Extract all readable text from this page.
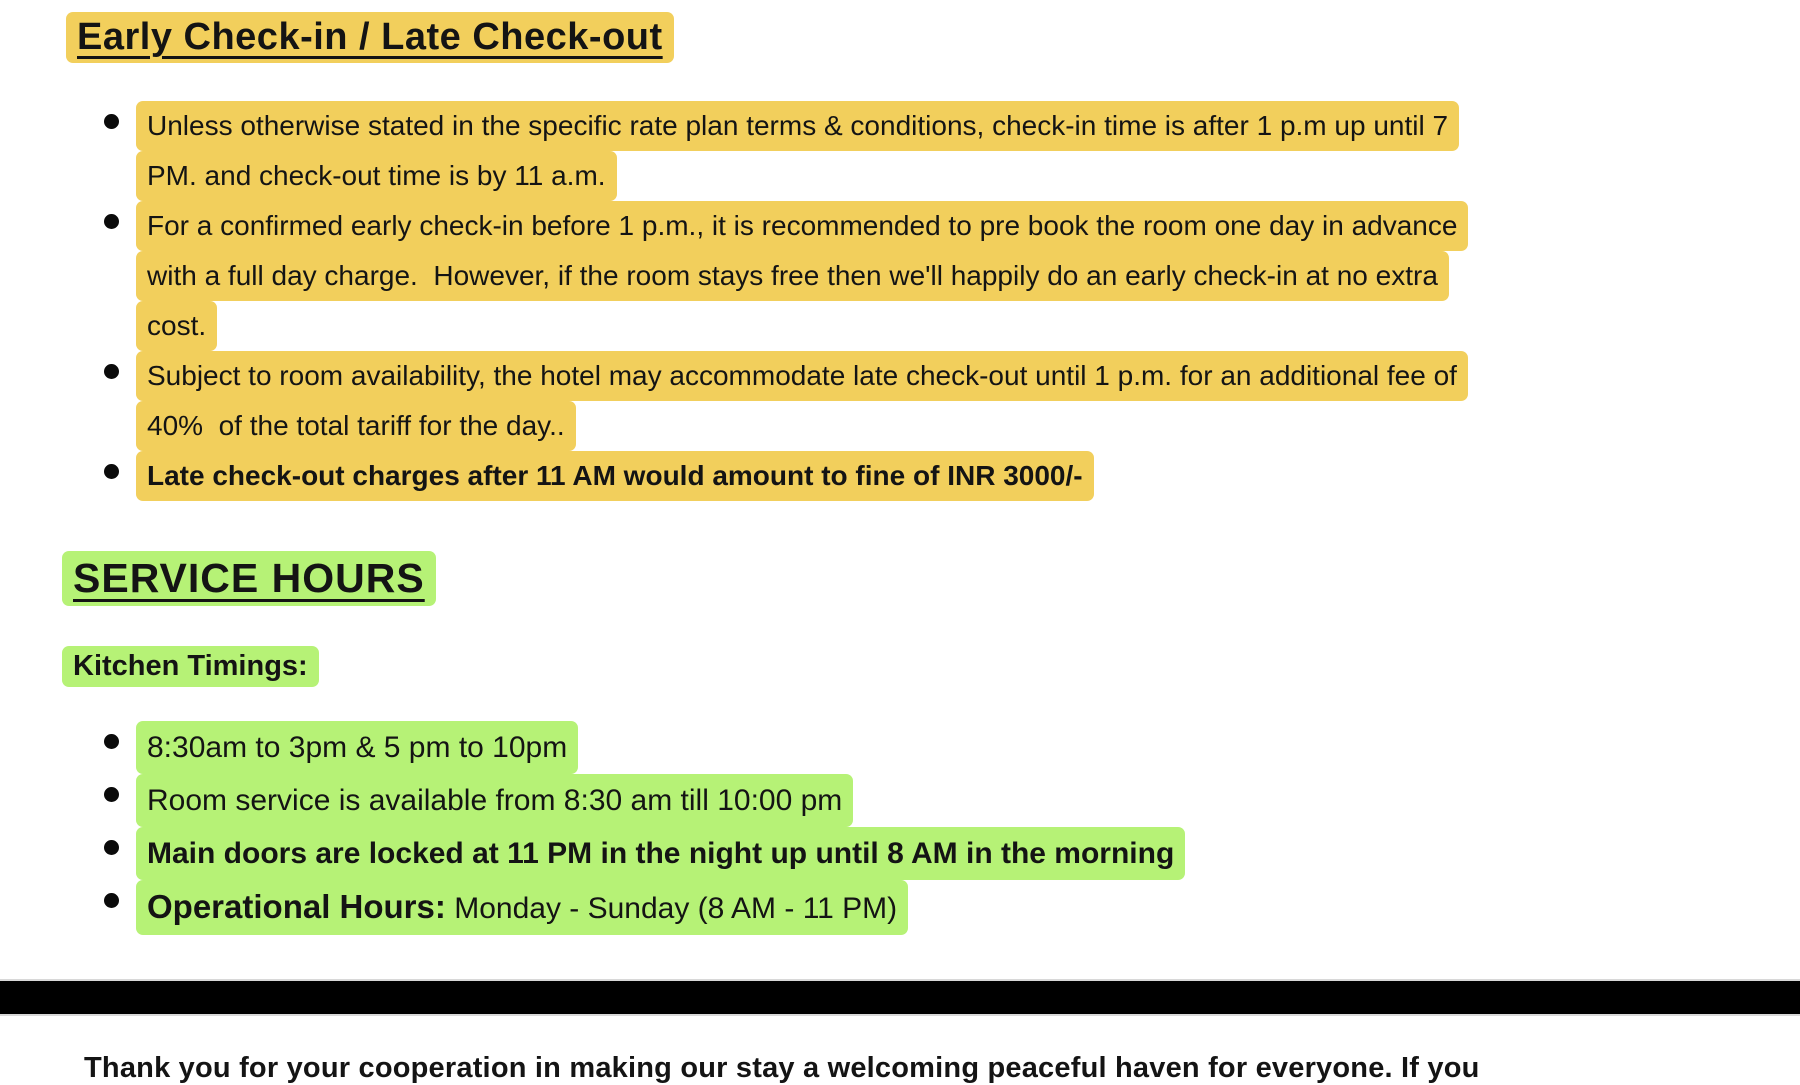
Early Check-in / Late Check-out
Unless otherwise stated in the specific rate plan terms & conditions, check-in time is after 1 p.m up until 7
PM. and check-out time is by 11 a.m.
For a confirmed early check-in before 1 p.m., it is recommended to pre book the room one day in advance
with a full day charge.  However, if the room stays free then we'll happily do an early check-in at no extra
cost.
Subject to room availability, the hotel may accommodate late check-out until 1 p.m. for an additional fee of
40%  of the total tariff for the day..
Late check-out charges after 11 AM would amount to fine of INR 3000/-
SERVICE HOURS
Kitchen Timings:
8:30am to 3pm & 5 pm to 10pm
Room service is available from 8:30 am till 10:00 pm
Main doors are locked at 11 PM in the night up until 8 AM in the morning
Operational Hours: Monday - Sunday (8 AM - 11 PM)
Thank you for your cooperation in making our stay a welcoming peaceful haven for everyone. If you
